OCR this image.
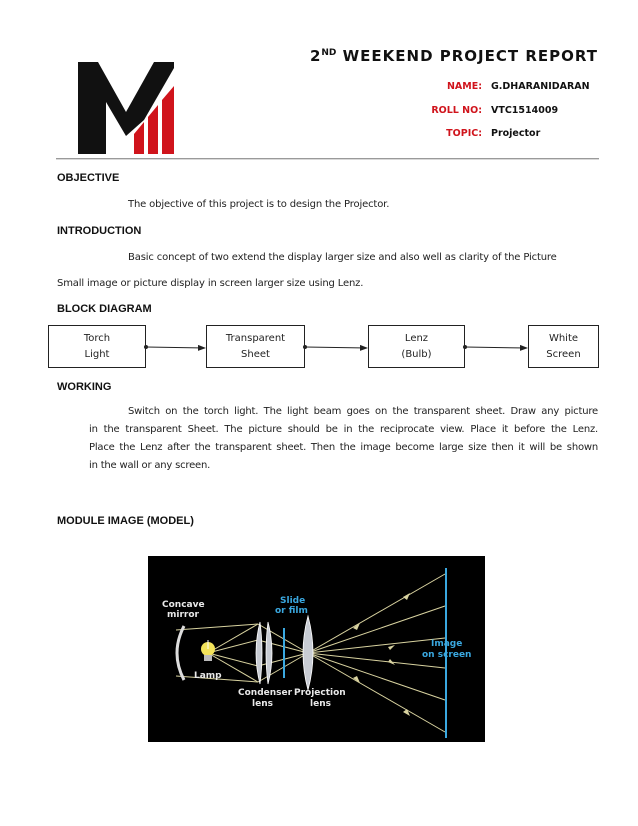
2ND WEEKEND PROJECT REPORT
NAME: G.DHARANIDARAN
ROLL NO: VTC1514009
TOPIC: Projector
OBJECTIVE
The objective of this project is to design the Projector.
INTRODUCTION
Basic concept of two extend the display larger size and also well as clarity of the Picture
Small image or picture display in screen larger size using Lenz.
BLOCK DIAGRAM
Torch
Light
Transparent
Sheet
Lenz
(Bulb)
White
Screen
WORKING
Switch on the torch light. The light beam goes on the transparent sheet. Draw any picture
in the transparent Sheet. The picture should be in the reciprocate view. Place it before the Lenz.
Place the Lenz after the transparent sheet. Then the image become large size then it will be shown
in the wall or any screen.
MODULE IMAGE (MODEL)
Concave
mirror
Lamp
Condenser
lens
Projection
lens
Slide
or film
Image
on screen
